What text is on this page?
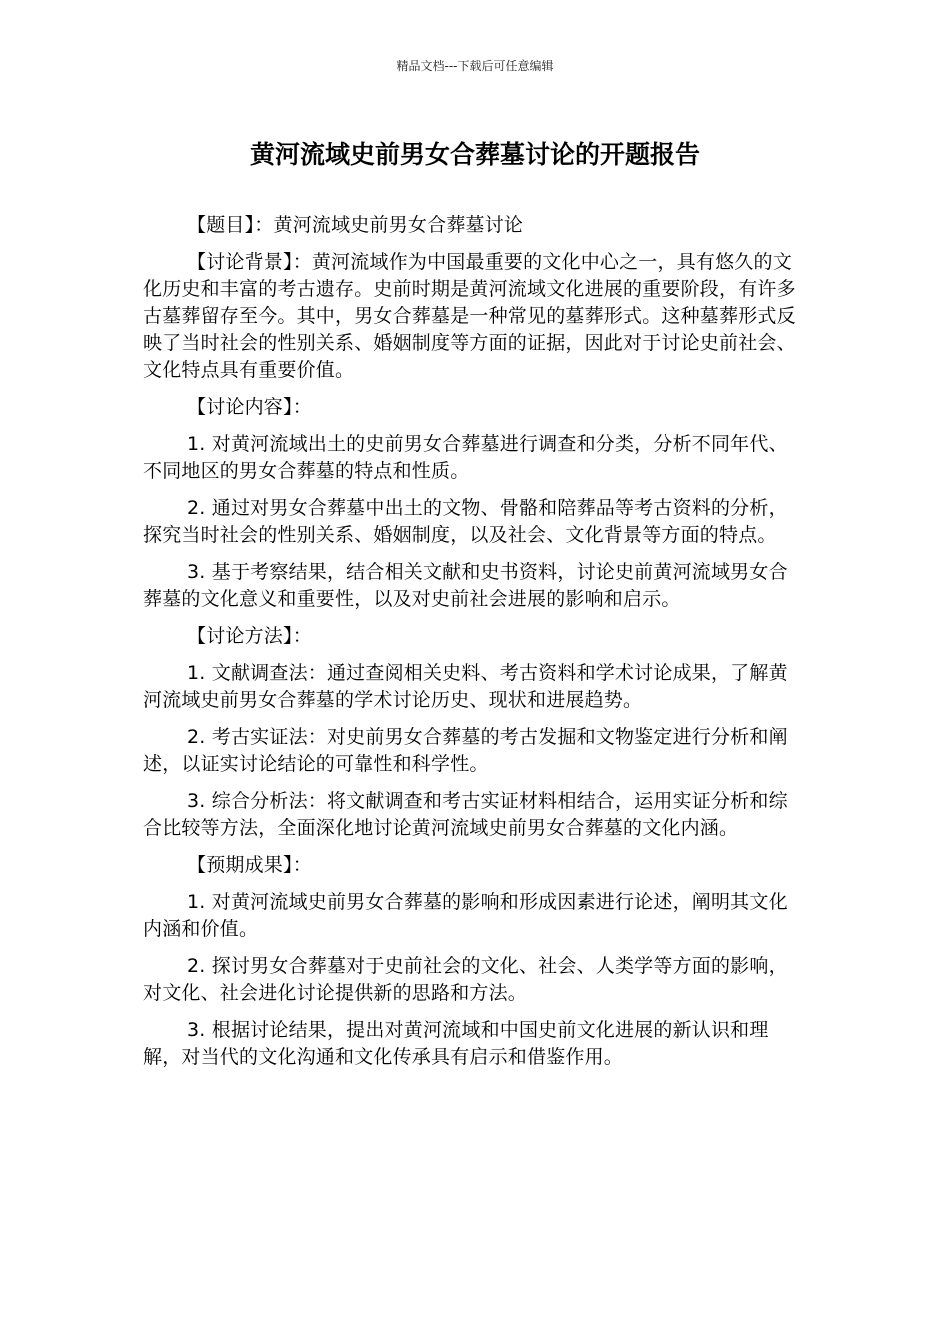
精品文档---下载后可任意编辑
黄河流域史前男女合葬墓讨论的开题报告

【题目】：黄河流域史前男女合葬墓讨论

【讨论背景】：黄河流域作为中国最重要的文化中心之一，具有悠久的文化历史和丰富的考古遗存。史前时期是黄河流域文化进展的重要阶段，有许多古墓葬留存至今。其中，男女合葬墓是一种常见的墓葬形式。这种墓葬形式反映了当时社会的性别关系、婚姻制度等方面的证据，因此对于讨论史前社会、文化特点具有重要价值。

【讨论内容】：

1. 对黄河流域出土的史前男女合葬墓进行调查和分类，分析不同年代、不同地区的男女合葬墓的特点和性质。

2. 通过对男女合葬墓中出土的文物、骨骼和陪葬品等考古资料的分析，探究当时社会的性别关系、婚姻制度，以及社会、文化背景等方面的特点。

3. 基于考察结果，结合相关文献和史书资料，讨论史前黄河流域男女合葬墓的文化意义和重要性，以及对史前社会进展的影响和启示。

【讨论方法】：

1. 文献调查法：通过查阅相关史料、考古资料和学术讨论成果，了解黄河流域史前男女合葬墓的学术讨论历史、现状和进展趋势。

2. 考古实证法：对史前男女合葬墓的考古发掘和文物鉴定进行分析和阐述，以证实讨论结论的可靠性和科学性。

3. 综合分析法：将文献调查和考古实证材料相结合，运用实证分析和综合比较等方法，全面深化地讨论黄河流域史前男女合葬墓的文化内涵。

【预期成果】：

1. 对黄河流域史前男女合葬墓的影响和形成因素进行论述，阐明其文化内涵和价值。

2. 探讨男女合葬墓对于史前社会的文化、社会、人类学等方面的影响，对文化、社会进化讨论提供新的思路和方法。

3. 根据讨论结果，提出对黄河流域和中国史前文化进展的新认识和理解，对当代的文化沟通和文化传承具有启示和借鉴作用。
